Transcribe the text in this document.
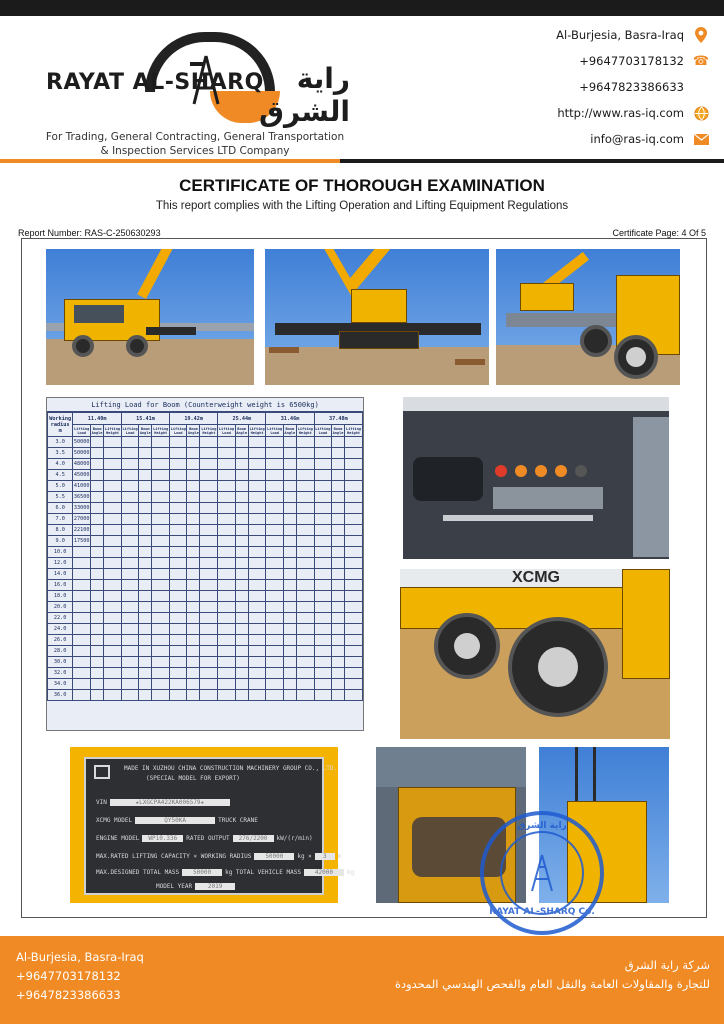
RAYAT AL-SHARQ	راية الشرق
For Trading, General Contracting, General Transportation
& Inspection Services LTD Company
Al-Burjesia, Basra-Iraq
+9647703178132 ☎
+9647823386633
http://www.ras-iq.com
info@ras-iq.com
CERTIFICATE OF THOROUGH EXAMINATION
This report complies with the Lifting Operation and Lifting Equipment Regulations
Report Number: RAS-C-250630293	Certificate Page: 4 Of 5
Lifting Load for Boom (Counterweight weight is 6500kg)
Working radius
m	11.40m			15.41m			19.42m			25.44m			31.46m			37.48m		
	Lifting Load	Boom Angle	Lifting Height	Lifting Load	Boom Angle	Lifting Height	Lifting Load	Boom Angle	Lifting Height	Lifting Load	Boom Angle	Lifting Height	Lifting Load	Boom Angle	Lifting Height	Lifting Load	Boom Angle	Lifting Height
3.0	50000																	
3.5	50000																	
4.0	48000																	
4.5	45000																	
5.0	41000																	
5.5	36500																	
6.0	33000																	
7.0	27000																	
8.0	22100																	
9.0	17500																	
10.0																		
12.0																		
14.0																		
16.0																		
18.0																		
20.0																		
22.0																		
24.0																		
26.0																		
28.0																		
30.0																		
32.0																		
34.0																		
36.0																		
XCMG
MADE IN XUZHOU CHINA CONSTRUCTION MACHINERY GROUP CO., LTD.
(SPECIAL MODEL FOR EXPORT)
VIN	★LXGCPA422KA006579★
XCMG MODEL	QY50KA	TRUCK CRANE
ENGINE MODEL WP10.336 RATED OUTPUT 276/2200 kW/(r/min)
MAX.RATED LIFTING CAPACITY × WORKING RADIUS 50000 kg × 3 m
MAX.DESIGNED TOTAL MASS 50000 kg TOTAL VEHICLE MASS 42000 kg
MODEL YEAR	2019
راية الشرق
RAYAT AL-SHARQ Co.
Al-Burjesia, Basra-Iraq
+9647703178132
+9647823386633
شركة راية الشرق
للتجارة والمقاولات العامة والنقل العام والفحص الهندسي المحدودة
